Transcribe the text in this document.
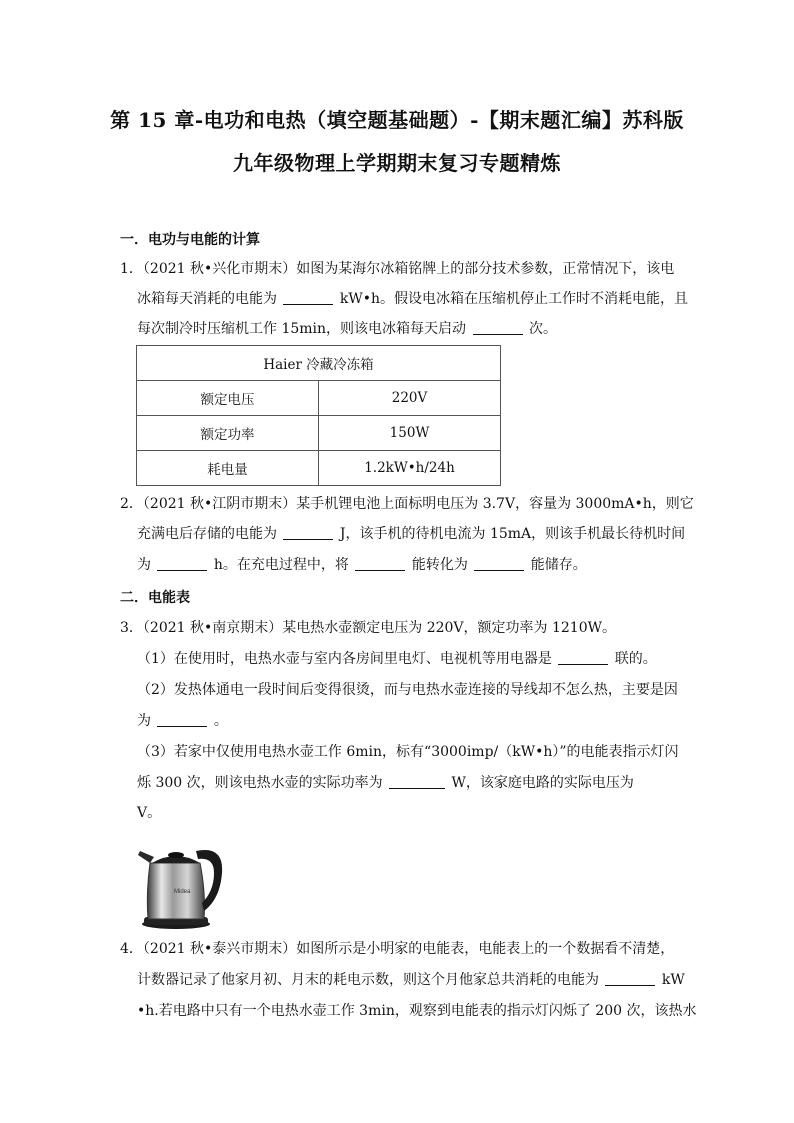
第 15 章-电功和电热（填空题基础题）-【期末题汇编】苏科版
九年级物理上学期期末复习专题精炼
一．电功与电能的计算
1．（2021 秋•兴化市期末）如图为某海尔冰箱铭牌上的部分技术参数，正常情况下，该电
冰箱每天消耗的电能为	kW•h。假设电冰箱在压缩机停止工作时不消耗电能，且
每次制冷时压缩机工作 15min，则该电冰箱每天启动	次。
Haier 冷藏冷冻箱	
额定电压	220V
额定功率	150W
耗电量	1.2kW•h/24h
2．（2021 秋•江阴市期末）某手机锂电池上面标明电压为 3.7V，容量为 3000mA•h，则它
充满电后存储的电能为	J，该手机的待机电流为 15mA，则该手机最长待机时间
为	h。在充电过程中，将	能转化为	能储存。
二．电能表
3．（2021 秋•南京期末）某电热水壶额定电压为 220V，额定功率为 1210W。
（1）在使用时，电热水壶与室内各房间里电灯、电视机等用电器是	联的。
（2）发热体通电一段时间后变得很烫，而与电热水壶连接的导线却不怎么热，主要是因
为	。
（3）若家中仅使用电热水壶工作 6min，标有“3000imp/（kW•h）”的电能表指示灯闪
烁 300 次，则该电热水壶的实际功率为	W，该家庭电路的实际电压为
V。
Midea
4．（2021 秋•泰兴市期末）如图所示是小明家的电能表，电能表上的一个数据看不清楚，
计数器记录了他家月初、月末的耗电示数，则这个月他家总共消耗的电能为	kW
•h.若电路中只有一个电热水壶工作 3min，观察到电能表的指示灯闪烁了 200 次，该热水
